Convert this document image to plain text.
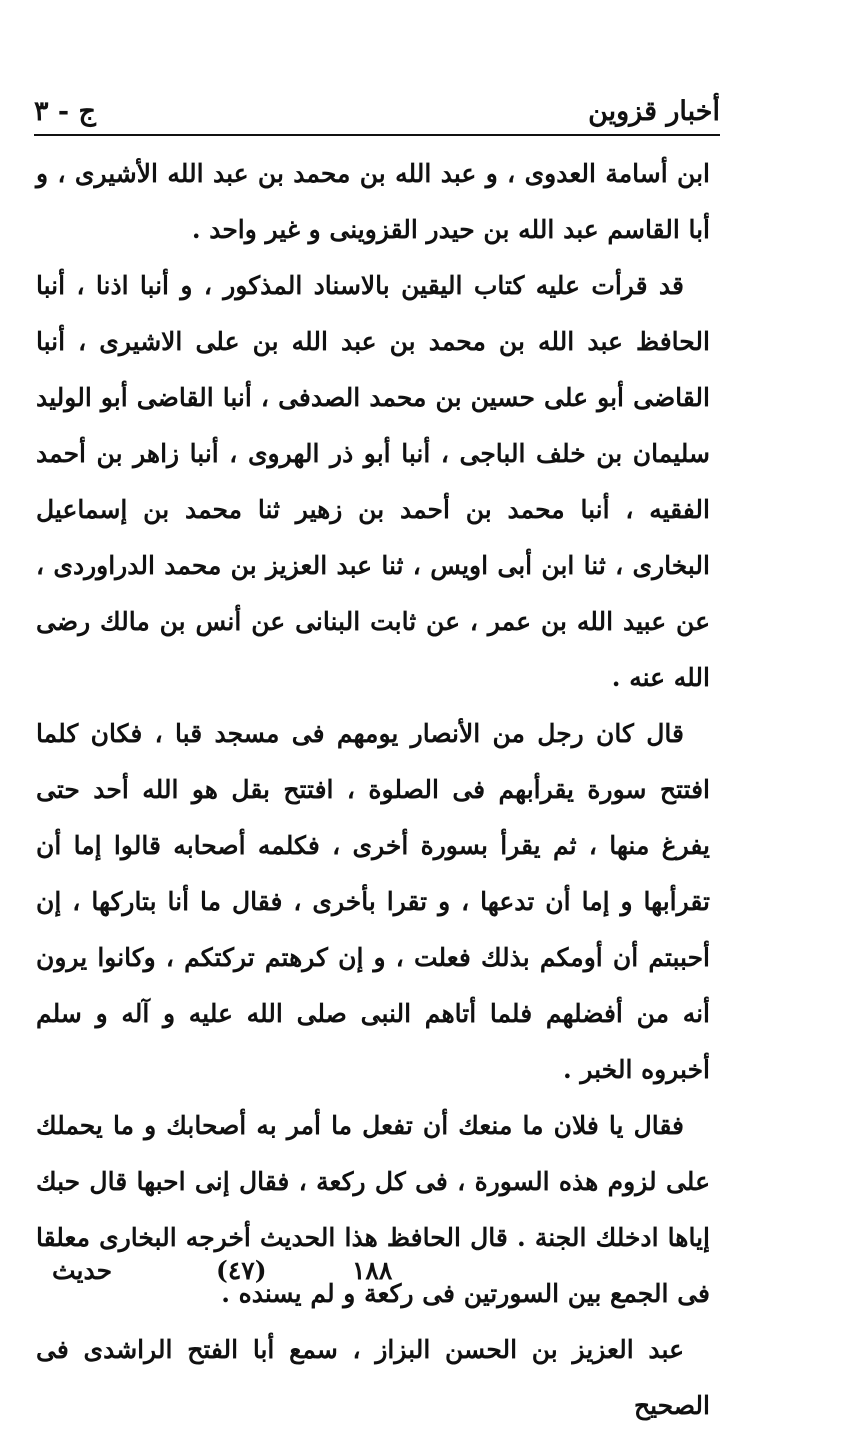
أخبار قزوين
ج - ٣

ابن أسامة العدوى ، و عبد الله بن محمد بن عبد الله الأشيرى ، و أبا القاسم عبد الله بن حيدر القزوينى و غير واحد .

قد قرأت عليه كتاب اليقين بالاسناد المذكور ، و أنبا اذنا ، أنبا الحافظ عبد الله بن محمد بن عبد الله بن على الاشيرى ، أنبا القاضى أبو على حسين بن محمد الصدفى ، أنبا القاضى أبو الوليد سليمان بن خلف الباجى ، أنبا أبو ذر الهروى ، أنبا زاهر بن أحمد الفقيه ، أنبا محمد بن أحمد بن زهير ثنا محمد بن إسماعيل البخارى ، ثنا ابن أبى اويس ، ثنا عبد العزيز بن محمد الدراوردى ، عن عبيد الله بن عمر ، عن ثابت البنانى عن أنس بن مالك رضى الله عنه .

قال كان رجل من الأنصار يومهم فى مسجد قبا ، فكان كلما افتتح سورة يقرأبهم فى الصلوة ، افتتح بقل هو الله أحد حتى يفرغ منها ، ثم يقرأ بسورة أخرى ، فكلمه أصحابه قالوا إما أن تقرأبها و إما أن تدعها ، و تقرا بأخرى ، فقال ما أنا بتاركها ، إن أحببتم أن أومكم بذلك فعلت ، و إن كرهتم تركتكم ، وكانوا يرون أنه من أفضلهم فلما أتاهم النبى صلى الله عليه و آله و سلم أخبروه الخبر .

فقال يا فلان ما منعك أن تفعل ما أمر به أصحابك و ما يحملك على لزوم هذه السورة ، فى كل ركعة ، فقال إنى احبها قال حبك إياها ادخلك الجنة . قال الحافظ هذا الحديث أخرجه البخارى معلقا فى الجمع بين السورتين فى ركعة و لم يسنده .

عبد العزيز بن الحسن البزاز ، سمع أبا الفتح الراشدى فى الصحيح

حديث	(٤٧)	١٨٨
